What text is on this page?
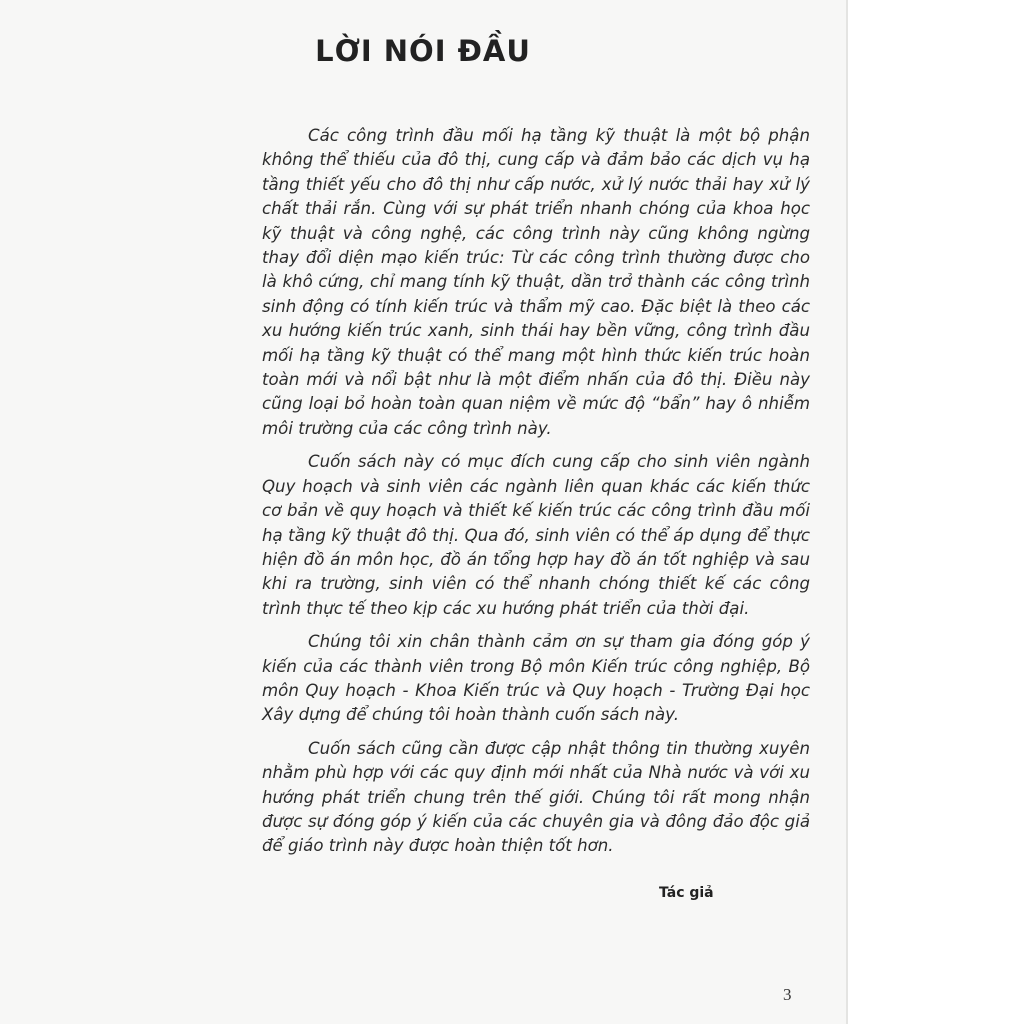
LỜI NÓI ĐẦU

Các công trình đầu mối hạ tầng kỹ thuật là một bộ phận không thể thiếu của đô thị, cung cấp và đảm bảo các dịch vụ hạ tầng thiết yếu cho đô thị như cấp nước, xử lý nước thải hay xử lý chất thải rắn. Cùng với sự phát triển nhanh chóng của khoa học kỹ thuật và công nghệ, các công trình này cũng không ngừng thay đổi diện mạo kiến trúc: Từ các công trình thường được cho là khô cứng, chỉ mang tính kỹ thuật, dần trở thành các công trình sinh động có tính kiến trúc và thẩm mỹ cao. Đặc biệt là theo các xu hướng kiến trúc xanh, sinh thái hay bền vững, công trình đầu mối hạ tầng kỹ thuật có thể mang một hình thức kiến trúc hoàn toàn mới và nổi bật như là một điểm nhấn của đô thị. Điều này cũng loại bỏ hoàn toàn quan niệm về mức độ “bẩn” hay ô nhiễm môi trường của các công trình này.

Cuốn sách này có mục đích cung cấp cho sinh viên ngành Quy hoạch và sinh viên các ngành liên quan khác các kiến thức cơ bản về quy hoạch và thiết kế kiến trúc các công trình đầu mối hạ tầng kỹ thuật đô thị. Qua đó, sinh viên có thể áp dụng để thực hiện đồ án môn học, đồ án tổng hợp hay đồ án tốt nghiệp và sau khi ra trường, sinh viên có thể nhanh chóng thiết kế các công trình thực tế theo kịp các xu hướng phát triển của thời đại.

Chúng tôi xin chân thành cảm ơn sự tham gia đóng góp ý kiến của các thành viên trong Bộ môn Kiến trúc công nghiệp, Bộ môn Quy hoạch - Khoa Kiến trúc và Quy hoạch - Trường Đại học Xây dựng để chúng tôi hoàn thành cuốn sách này.

Cuốn sách cũng cần được cập nhật thông tin thường xuyên nhằm phù hợp với các quy định mới nhất của Nhà nước và với xu hướng phát triển chung trên thế giới. Chúng tôi rất mong nhận được sự đóng góp ý kiến của các chuyên gia và đông đảo độc giả để giáo trình này được hoàn thiện tốt hơn.

Tác giả
3
